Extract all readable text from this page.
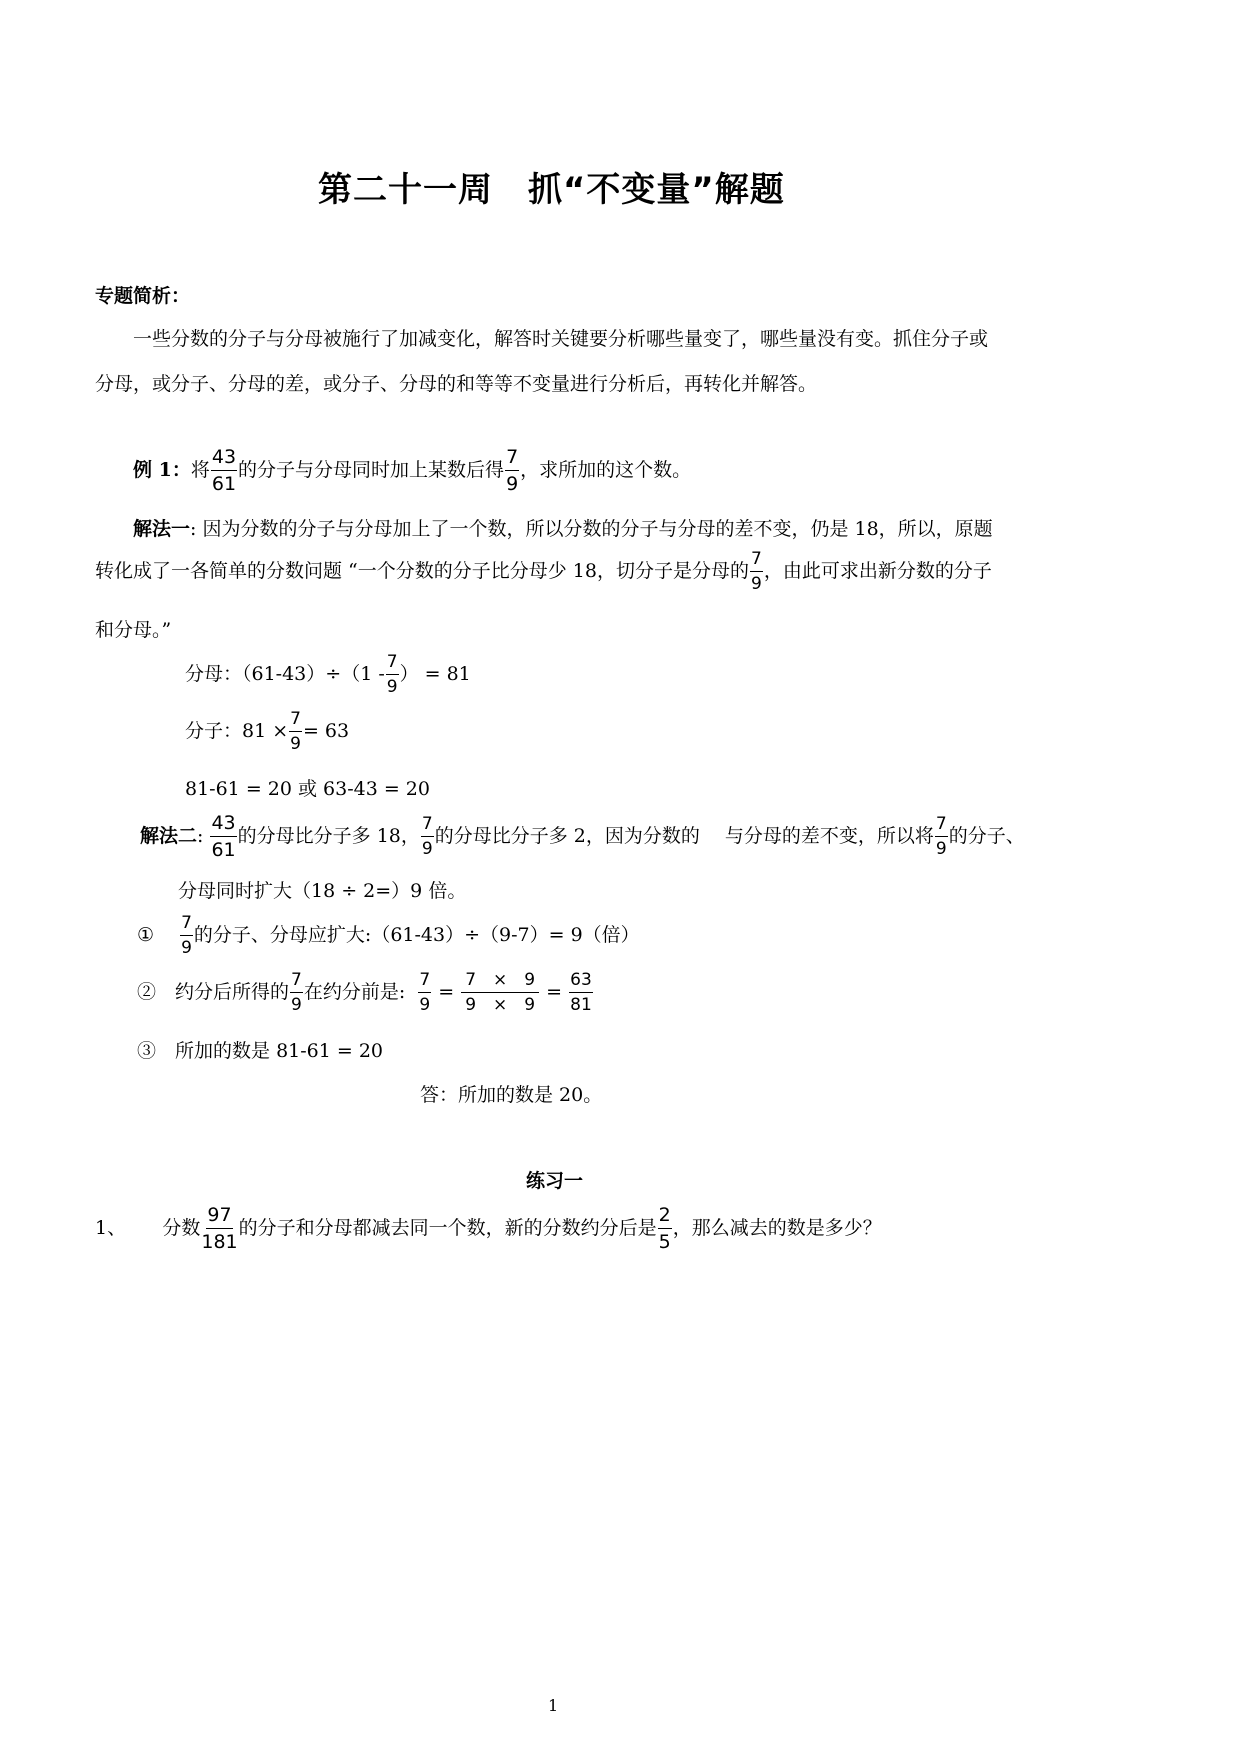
第二十一周　抓“不变量”解题
专题简析：
一些分数的分子与分母被施行了加减变化，解答时关键要分析哪些量变了，哪些量没有变。抓住分子或
分母，或分子、分母的差，或分子、分母的和等等不变量进行分析后，再转化并解答。
例 1：将 $\frac{43}{61}$ 的分子与分母同时加上某数后得 $\frac{7}{9}$ ，求所加的这个数。
解法一: 因为分数的分子与分母加上了一个数，所以分数的分子与分母的差不变，仍是 18，所以，原题
转化成了一各简单的分数问题 “一个分数的分子比分母少 18，切分子是分母的 $\frac{7}{9}$ ，由此可求出新分数的分子
和分母。”
分母：$(61-43)\div(1 - \frac{7}{9}$ ） = 81
分子：$81 \times \frac{7}{9} = 63$
81-61 = 20 或 63-43 = 20
解法二: $\frac{43}{61}$ 的分母比分子多 18， $\frac{7}{9}$ 的分母比分子多 2，因为分数的　 与分母的差不变，所以将 $\frac{7}{9}$ 的分子、
分母同时扩大（18 ÷ 2=）9 倍。
①　 $\frac{7}{9}$ 的分子、分母应扩大:（61-43）÷（9-7）= 9（倍）
②　 约分后所得的 $\frac{7}{9}$ 在约分前是: $\frac{7}{9} = \frac{7 \times 9}{9 \times 9} = \frac{63}{81}$
③　 所加的数是 81-61 = 20
答：所加的数是 20。
练习一
1、 分数 $\frac{97}{181}$ 的分子和分母都减去同一个数，新的分数约分后是 $\frac{2}{5}$ ，那么减去的数是多少？
1
